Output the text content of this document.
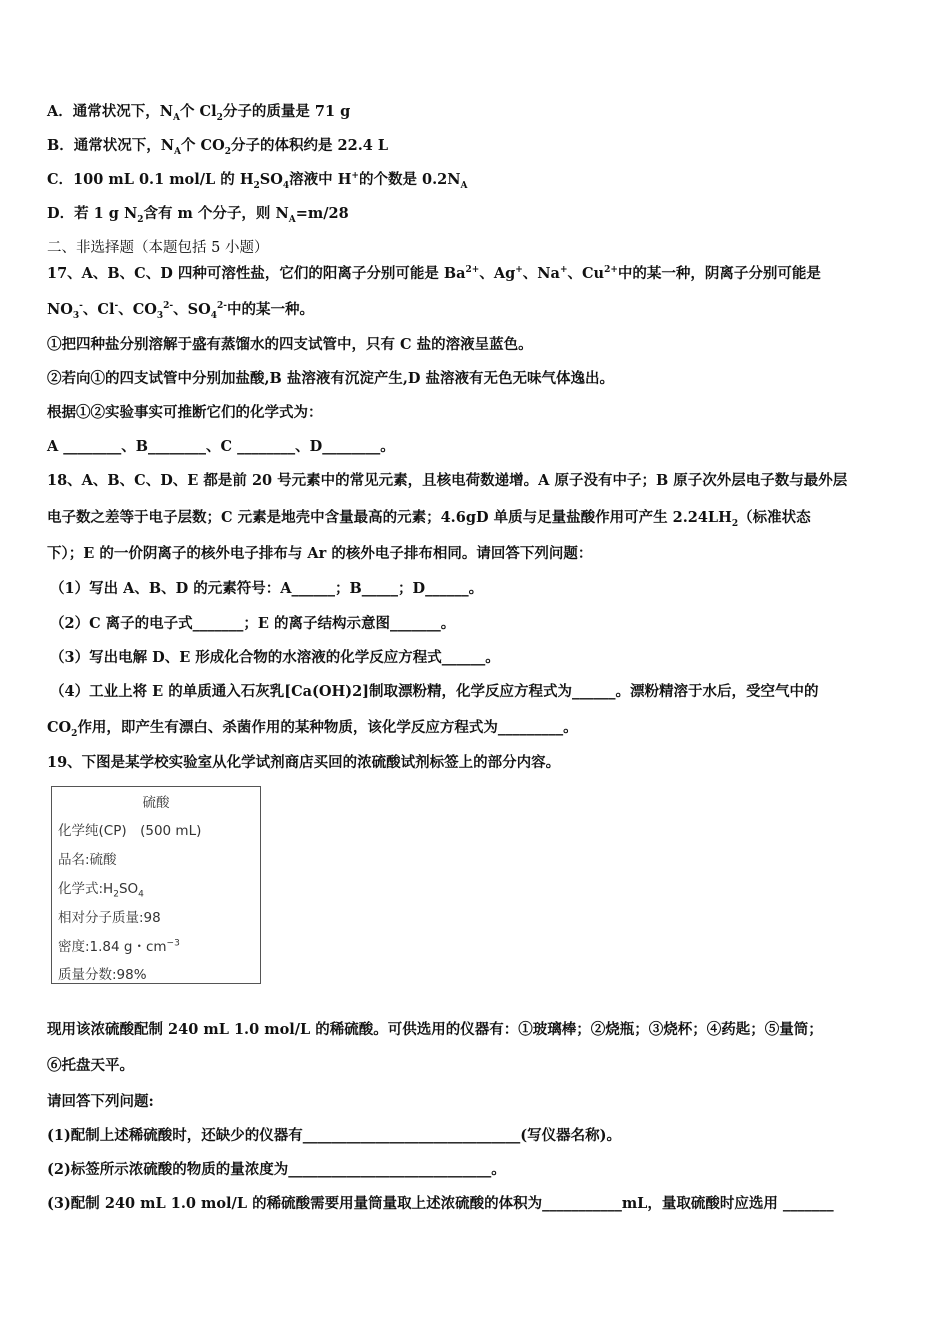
A．通常状况下，$N_A$个 $Cl_2$分子的质量是 71 g
B．通常状况下，$N_A$个 $CO_2$分子的体积约是 22.4 L
C．100 mL 0.1 mol/L 的 $H_2SO_4$溶液中 H+的个数是 $0.2N_A$
D．若 1 g $N_2$含有 m 个分子，则 $N_A=m/28$
二、非选择题（本题包括 5 小题）
17、A、B、C、D 四种可溶性盐，它们的阳离子分别可能是 $Ba^{2+}$、Ag+、Na+、$Cu^{2+}$中的某一种，阴离子分别可能是
$NO_3^-$、Cl-、$CO_3^{2-}$、$SO_4^{2-}$中的某一种。
①把四种盐分别溶解于盛有蒸馏水的四支试管中，只有 C 盐的溶液呈蓝色。
②若向①的四支试管中分别加盐酸,B 盐溶液有沉淀产生,D 盐溶液有无色无味气体逸出。
根据①②实验事实可推断它们的化学式为：
A ________、B________、C ________、D________。
18、A、B、C、D、E 都是前 20 号元素中的常见元素，且核电荷数递增。A 原子没有中子；B 原子次外层电子数与最外层
电子数之差等于电子层数；C 元素是地壳中含量最高的元素；4.6gD 单质与足量盐酸作用可产生 $2.24LH_2$（标准状态
下）；E 的一价阴离子的核外电子排布与 Ar 的核外电子排布相同。请回答下列问题：
（1）写出 A、B、D 的元素符号：A______；B_____；D______。
（2）C 离子的电子式_______；E 的离子结构示意图_______。
（3）写出电解 D、E 形成化合物的水溶液的化学反应方程式______。
（4）工业上将 E 的单质通入石灰乳[Ca(OH)2]制取漂粉精，化学反应方程式为______。漂粉精溶于水后，受空气中的
$CO_2$作用，即产生有漂白、杀菌作用的某种物质，该化学反应方程式为_________。
19、下图是某学校实验室从化学试剂商店买回的浓硫酸试剂标签上的部分内容。
硫酸
化学纯(CP)　(500 mL)
品名:硫酸
化学式$:H_2SO_4$
相对分子质量:98
密度:1.84 g・$cm^{-3}$
质量分数:98%
现用该浓硫酸配制 240 mL 1.0 mol/L 的稀硫酸。可供选用的仪器有：①玻璃棒；②烧瓶；③烧杯；④药匙；⑤量筒；
⑥托盘天平。
请回答下列问题:
(1)配制上述稀硫酸时，还缺少的仪器有______________________________(写仪器名称)。
(2)标签所示浓硫酸的物质的量浓度为____________________________。
(3)配制 240 mL 1.0 mol/L 的稀硫酸需要用量筒量取上述浓硫酸的体积为___________mL，量取硫酸时应选用 _______
